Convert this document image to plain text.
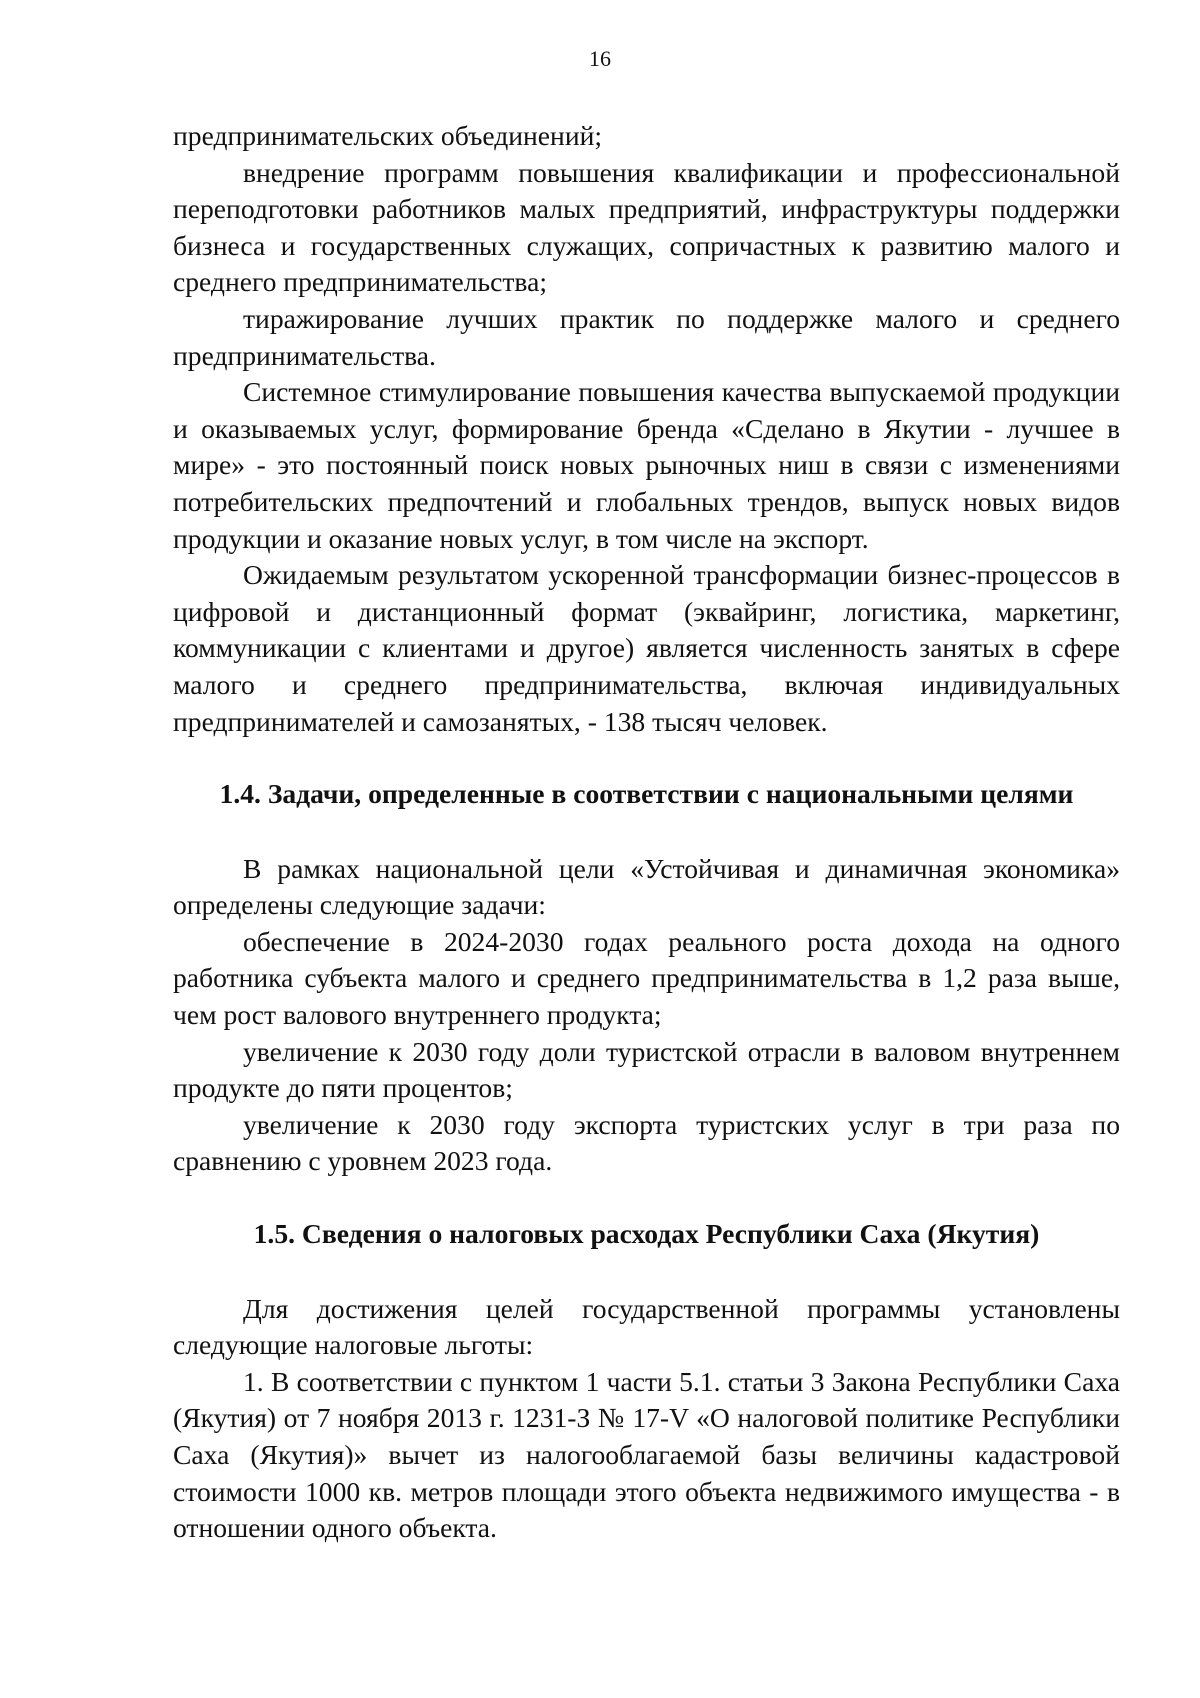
16

предпринимательских объединений;

внедрение программ повышения квалификации и профессиональной переподготовки работников малых предприятий, инфраструктуры поддержки бизнеса и государственных служащих, сопричастных к развитию малого и среднего предпринимательства;

тиражирование лучших практик по поддержке малого и среднего предпринимательства.

Системное стимулирование повышения качества выпускаемой продукции и оказываемых услуг, формирование бренда «Сделано в Якутии - лучшее в мире» - это постоянный поиск новых рыночных ниш в связи с изменениями потребительских предпочтений и глобальных трендов, выпуск новых видов продукции и оказание новых услуг, в том числе на экспорт.

Ожидаемым результатом ускоренной трансформации бизнес-процессов в цифровой и дистанционный формат (эквайринг, логистика, маркетинг, коммуникации с клиентами и другое) является численность занятых в сфере малого и среднего предпринимательства, включая индивидуальных предпринимателей и самозанятых, - 138 тысяч человек.

1.4. Задачи, определенные в соответствии с национальными целями

В рамках национальной цели «Устойчивая и динамичная экономика» определены следующие задачи:

обеспечение в 2024-2030 годах реального роста дохода на одного работника субъекта малого и среднего предпринимательства в 1,2 раза выше, чем рост валового внутреннего продукта;

увеличение к 2030 году доли туристской отрасли в валовом внутреннем продукте до пяти процентов;

увеличение к 2030 году экспорта туристских услуг в три раза по сравнению с уровнем 2023 года.

1.5. Сведения о налоговых расходах Республики Саха (Якутия)

Для достижения целей государственной программы установлены следующие налоговые льготы:

1. В соответствии с пунктом 1 части 5.1. статьи 3 Закона Республики Саха (Якутия) от 7 ноября 2013 г. 1231-З № 17-V «О налоговой политике Республики Саха (Якутия)» вычет из налогооблагаемой базы величины кадастровой стоимости 1000 кв. метров площади этого объекта недвижимого имущества - в отношении одного объекта.
